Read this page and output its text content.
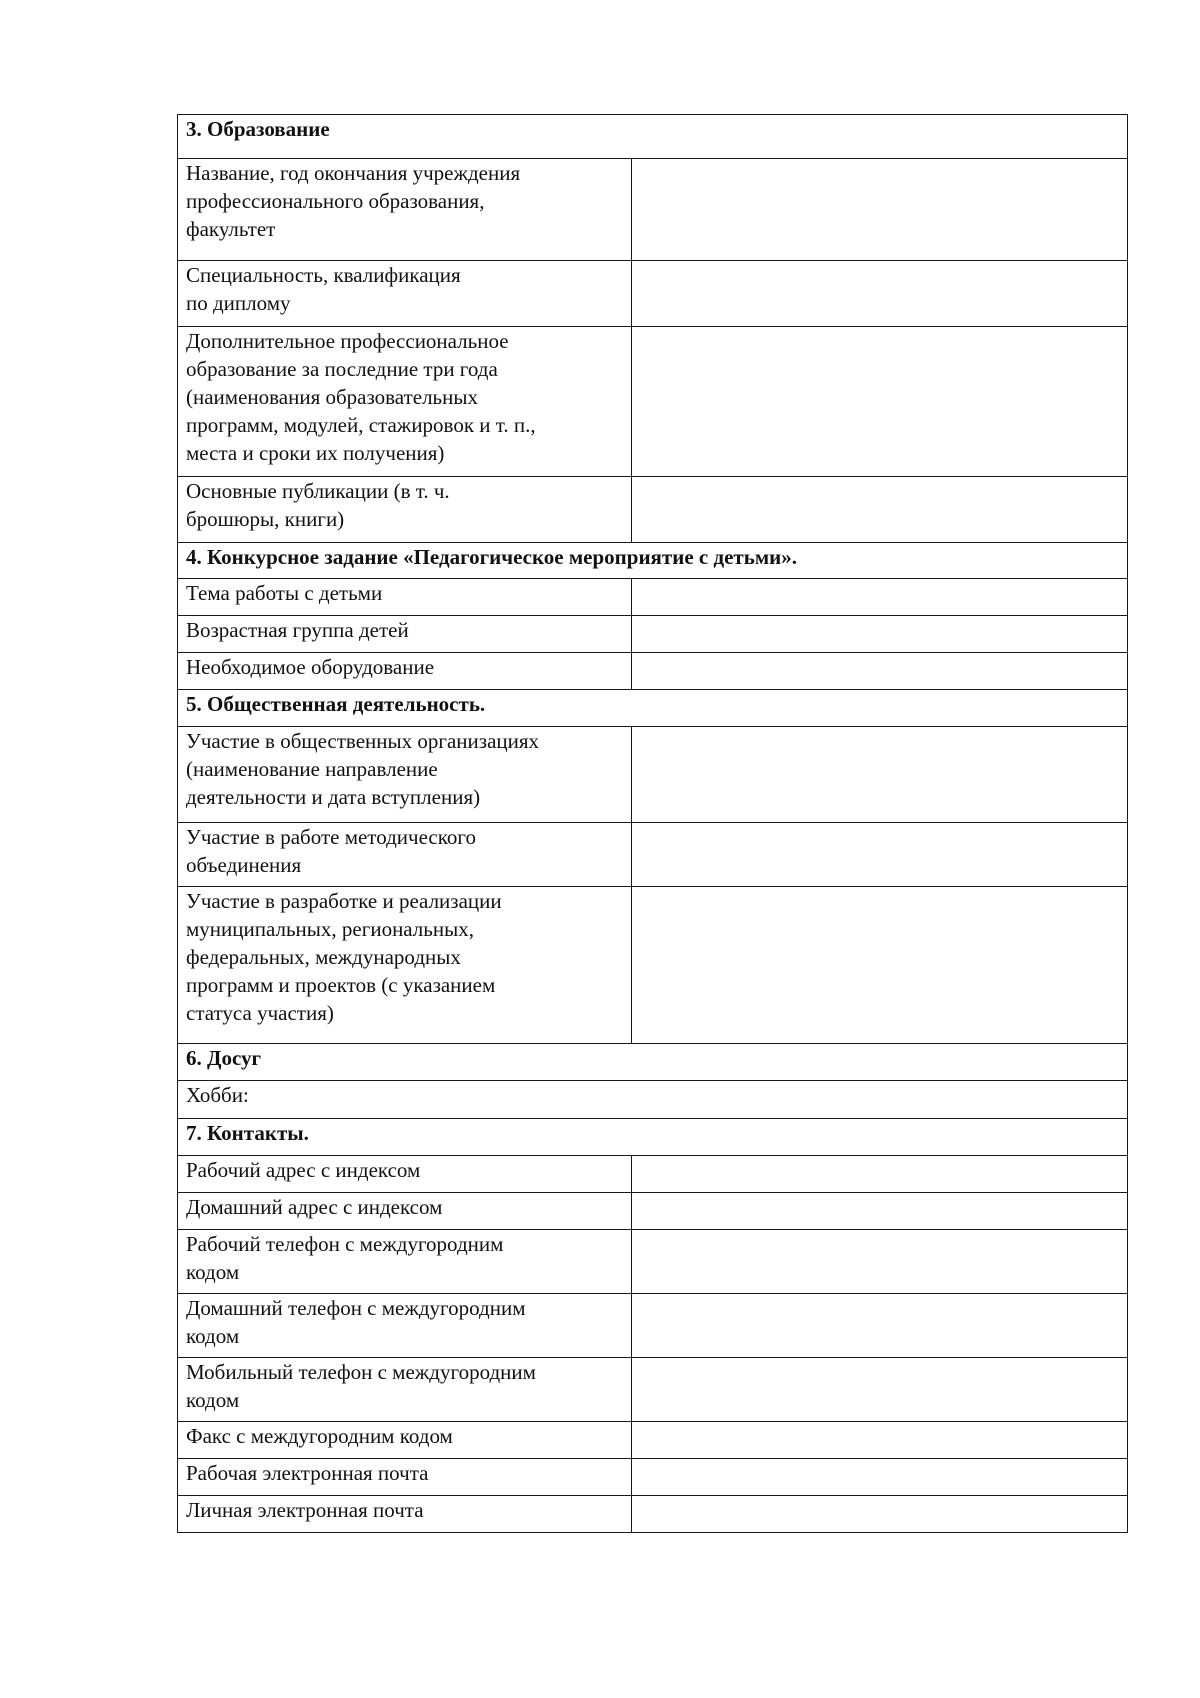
3. Образование	

Название, год окончания учреждения
профессионального образования,
факультет	

Специальность, квалификация
по диплому	

Дополнительное профессиональное
образование за последние три года
(наименования образовательных
программ, модулей, стажировок и т. п.,
места и сроки их получения)	

Основные публикации (в т. ч.
брошюры, книги)	

4. Конкурсное задание «Педагогическое мероприятие с детьми».	

Тема работы с детьми	

Возрастная группа детей	

Необходимое оборудование	

5. Общественная деятельность.	

Участие в общественных организациях
(наименование направление
деятельности и дата вступления)	

Участие в работе методического
объединения	

Участие в разработке и реализации
муниципальных, региональных,
федеральных, международных
программ и проектов (с указанием
статуса участия)	

6. Досуг	
Хобби:	
7. Контакты.	

Рабочий адрес с индексом	

Домашний адрес с индексом	

Рабочий телефон с междугородним
кодом	

Домашний телефон с междугородним
кодом	

Мобильный телефон с междугородним
кодом	

Факс с междугородним кодом	

Рабочая электронная почта	

Личная электронная почта	
